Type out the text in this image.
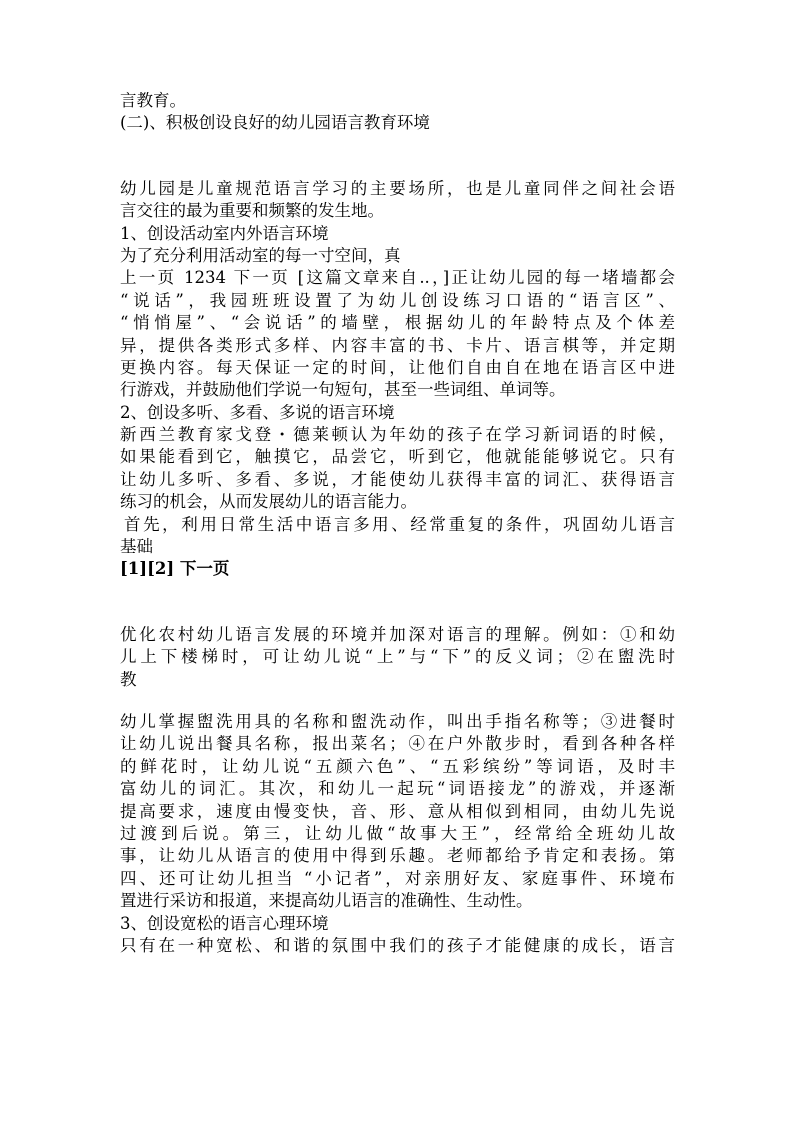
言教育。
(二)、积极创设良好的幼儿园语言教育环境
幼儿园是儿童规范语言学习的主要场所，也是儿童同伴之间社会语
言交往的最为重要和频繁的发生地。
1、创设活动室内外语言环境
为了充分利用活动室的每一寸空间，真
上一页 1234 下一页 [这篇文章来自..，]正让幼儿园的每一堵墙都会
“说话”，我园班班设置了为幼儿创设练习口语的“语言区”、
“悄悄屋”、“会说话”的墙壁，根据幼儿的年龄特点及个体差
异，提供各类形式多样、内容丰富的书、卡片、语言棋等，并定期
更换内容。每天保证一定的时间，让他们自由自在地在语言区中进
行游戏，并鼓励他们学说一句短句，甚至一些词组、单词等。
2、创设多听、多看、多说的语言环境
新西兰教育家戈登・德莱顿认为年幼的孩子在学习新词语的时候，
如果能看到它，触摸它，品尝它，听到它，他就能能够说它。只有
让幼儿多听、多看、多说，才能使幼儿获得丰富的词汇、获得语言
练习的机会，从而发展幼儿的语言能力。
首先，利用日常生活中语言多用、经常重复的条件，巩固幼儿语言
基础
[1][2] 下一页
优化农村幼儿语言发展的环境并加深对语言的理解。例如：①和幼
儿上下楼梯时，可让幼儿说“上”与“下”的反义词；②在盥洗时
教
幼儿掌握盥洗用具的名称和盥洗动作，叫出手指名称等；③进餐时
让幼儿说出餐具名称，报出菜名；④在户外散步时，看到各种各样
的鲜花时，让幼儿说“五颜六色”、“五彩缤纷”等词语，及时丰
富幼儿的词汇。其次，和幼儿一起玩“词语接龙”的游戏，并逐渐
提高要求，速度由慢变快，音、形、意从相似到相同，由幼儿先说
过渡到后说。第三，让幼儿做“故事大王”，经常给全班幼儿故
事，让幼儿从语言的使用中得到乐趣。老师都给予肯定和表扬。第
四、还可让幼儿担当 “小记者”，对亲朋好友、家庭事件、环境布
置进行采访和报道，来提高幼儿语言的准确性、生动性。
3、创设宽松的语言心理环境
只有在一种宽松、和谐的氛围中我们的孩子才能健康的成长，语言
